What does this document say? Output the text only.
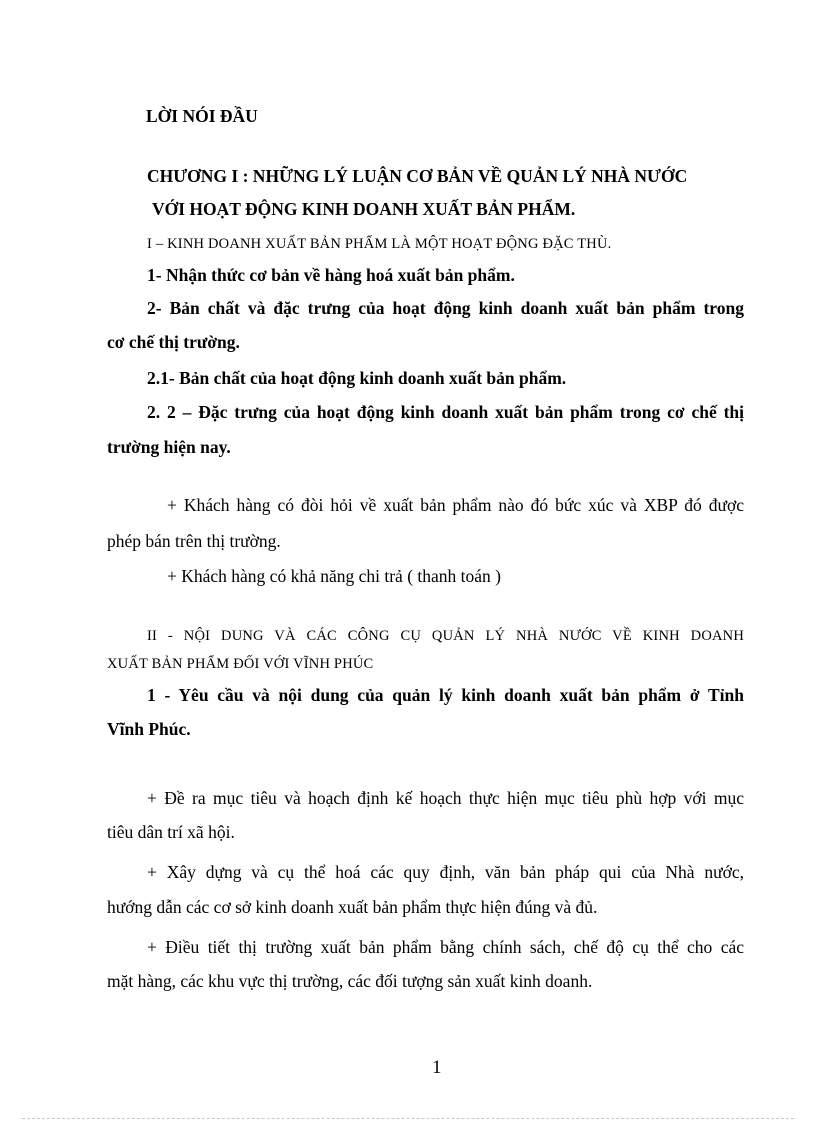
LỜI NÓI ĐẦU
CHƯƠNG I : NHỮNG LÝ LUẬN CƠ BẢN VỀ QUẢN LÝ NHÀ NƯỚC
VỚI HOẠT ĐỘNG KINH DOANH XUẤT BẢN PHẨM.
I – KINH DOANH XUẤT BẢN PHẨM LÀ MỘT HOẠT ĐỘNG ĐẶC THÙ.
1- Nhận thức cơ bản về hàng hoá xuất bản phẩm.
2- Bản chất và đặc trưng của hoạt động kinh doanh xuất bản phẩm trong
cơ chế thị trường.
2.1- Bản chất của hoạt động kinh doanh xuất bản phẩm.
2. 2 – Đặc trưng của hoạt động kinh doanh xuất bản phẩm trong cơ chế thị
trường hiện nay.
+ Khách hàng có đòi hỏi về xuất bản phẩm nào đó bức xúc và XBP đó được
phép bán trên thị trường.
+ Khách hàng có khả năng chi trả ( thanh toán )
II - NỘI DUNG VÀ CÁC CÔNG CỤ QUẢN LÝ NHÀ NƯỚC VỀ KINH DOANH
XUẤT BẢN PHẨM ĐỐI VỚI VĨNH PHÚC
1 - Yêu cầu và nội dung của quản lý kinh doanh xuất bản phẩm ở Tỉnh
Vĩnh Phúc.
+ Đề ra mục tiêu và hoạch định kế hoạch thực hiện mục tiêu phù hợp với mục
tiêu dân trí xã hội.
+ Xây dựng và cụ thể hoá các quy định, văn bản pháp qui của Nhà nước,
hướng dẫn các cơ sở kinh doanh xuất bản phẩm thực hiện đúng và đủ.
+ Điều tiết thị trường xuất bản phẩm bằng chính sách, chế độ cụ thể cho các
mặt hàng, các khu vực thị trường, các đối tượng sản xuất kinh doanh.
1
